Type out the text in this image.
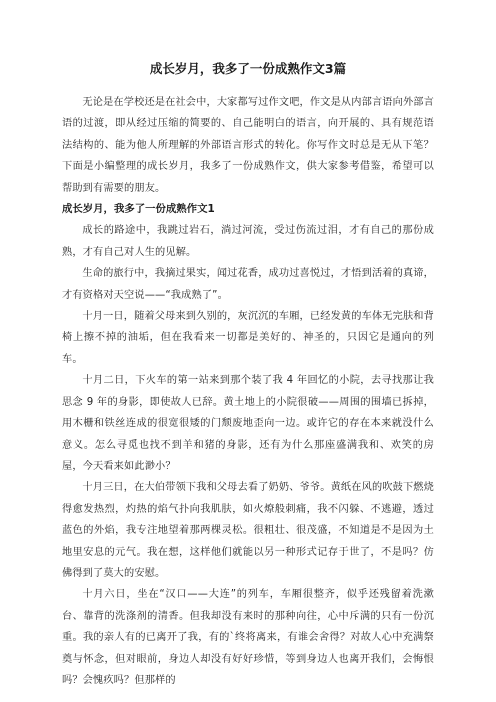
成长岁月，我多了一份成熟作文3篇

无论是在学校还是在社会中，大家都写过作文吧，作文是从内部言语向外部言语的过渡，即从经过压缩的简要的、自己能明白的语言，向开展的、具有规范语法结构的、能为他人所理解的外部语言形式的转化。你写作文时总是无从下笔？下面是小编整理的成长岁月，我多了一份成熟作文，供大家参考借鉴，希望可以帮助到有需要的朋友。

成长岁月，我多了一份成熟作文1

成长的路途中，我跳过岩石，淌过河流，受过伤流过泪，才有自己的那份成熟，才有自己对人生的见解。

生命的旅行中，我摘过果实，闻过花香，成功过喜悦过，才悟到活着的真谛，才有资格对天空说——“我成熟了”。

十月一日，随着父母来到久别的，灰沉沉的车厢，已经发黄的车体无完肤和背椅上擦不掉的油垢，但在我看来一切都是美好的、神圣的，只因它是通向的列车。

十月二日，下火车的第一站来到那个装了我 4 年回忆的小院，去寻找那让我思念 9 年的身影，即使故人已辞。黄土地上的小院很破——周围的围墙已拆掉，用木栅和铁丝连成的很宽很矮的门颓废地歪向一边。或许它的存在本来就没什么意义。怎么寻觅也找不到羊和猪的身影，还有为什么那座盛满我和、欢笑的房屋，今天看来如此渺小？

十月三日，在大伯带领下我和父母去看了奶奶、爷爷。黄纸在风的吹鼓下燃烧得愈发热烈，灼热的焰气扑向我肌肤，如火燎般刺痛，我不闪躲、不逃避，透过蓝色的外焰，我专注地望着那两棵灵松。很粗壮、很茂盛，不知道是不是因为土地里安息的元气。我在想，这样他们就能以另一种形式记存于世了，不是吗？仿佛得到了莫大的安慰。

十月六日，坐在“汉口——大连”的列车，车厢很整齐，似乎还残留着洗漱台、靠背的洗涤剂的清香。但我却没有来时的那种向往，心中斥满的只有一份沉重。我的亲人有的已离开了我，有的`终将离来，有谁会舍得？对故人心中充满祭奠与怀念，但对眼前，身边人却没有好好珍惜，等到身边人也离开我们，会悔恨吗？会愧疚吗？但那样的
